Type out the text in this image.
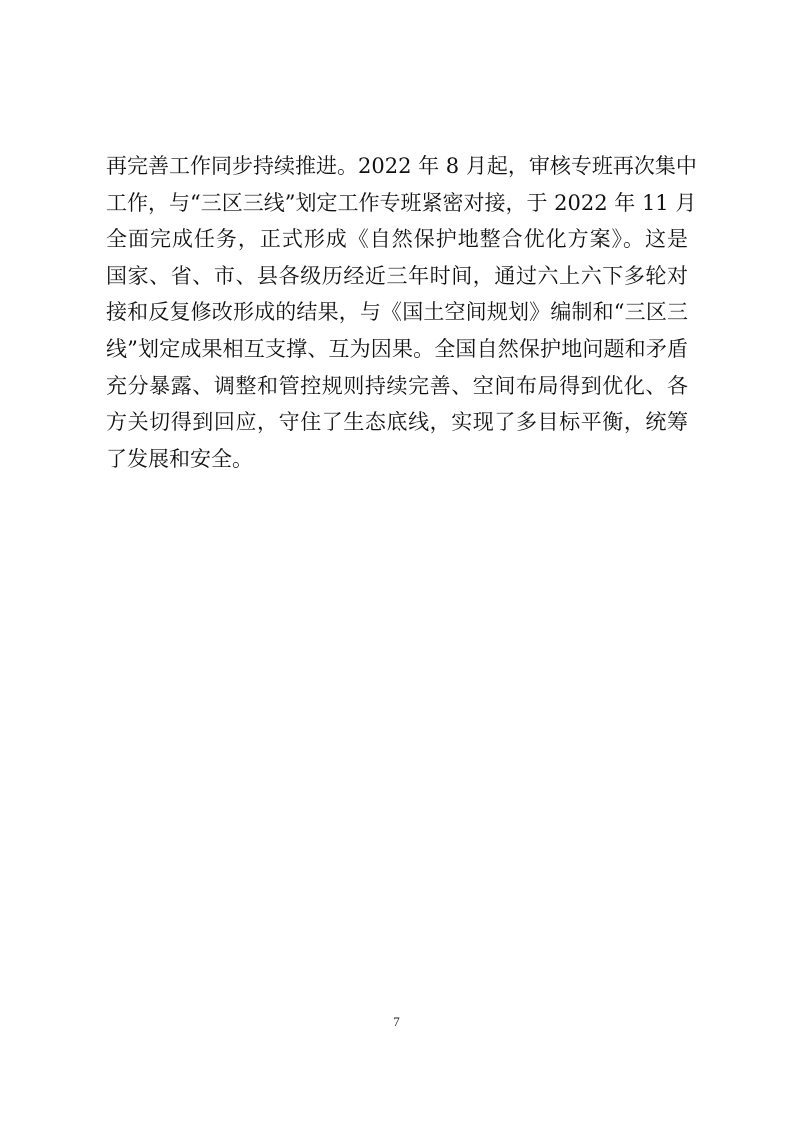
再完善工作同步持续推进。2022 年 8 月起，审核专班再次集中
工作，与“三区三线”划定工作专班紧密对接，于 2022 年 11 月
全面完成任务，正式形成《自然保护地整合优化方案》。这是
国家、省、市、县各级历经近三年时间，通过六上六下多轮对
接和反复修改形成的结果，与《国土空间规划》编制和“三区三
线”划定成果相互支撑、互为因果。全国自然保护地问题和矛盾
充分暴露、调整和管控规则持续完善、空间布局得到优化、各
方关切得到回应，守住了生态底线，实现了多目标平衡，统筹
了发展和安全。
7
